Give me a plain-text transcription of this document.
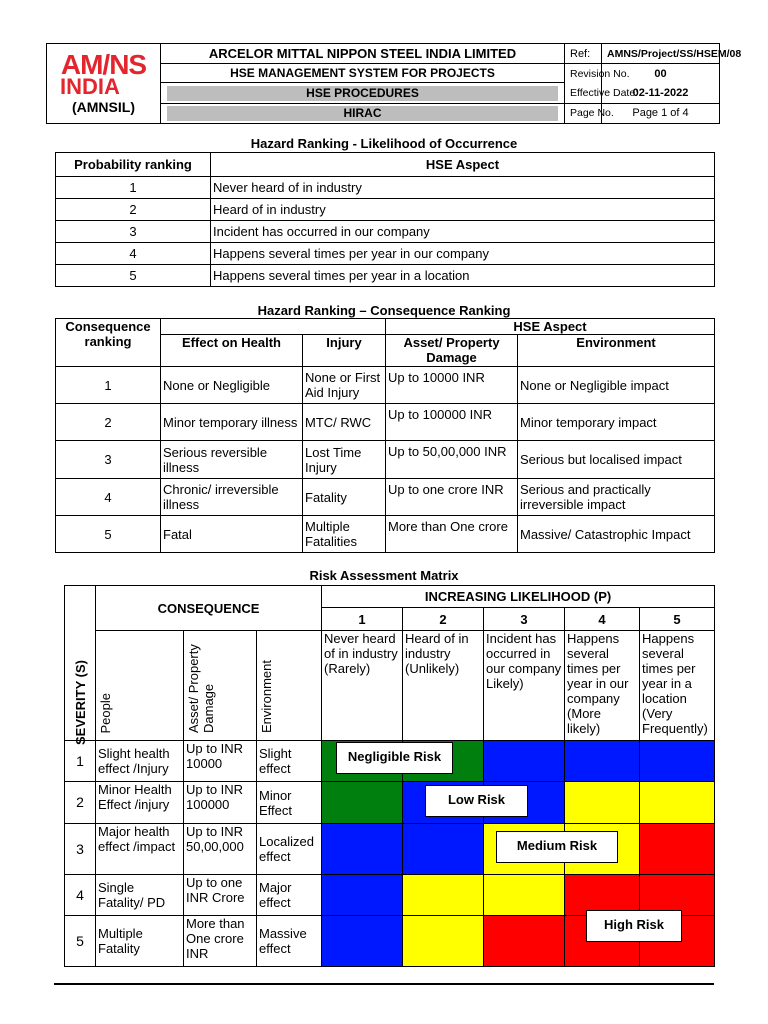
AM/NS
INDIA
(AMNSIL)	ARCELOR MITTAL NIPPON STEEL INDIA LIMITED	Ref:	AMNS/Project/SS/HSEM/08
	HSE MANAGEMENT SYSTEM FOR PROJECTS	Revision No.	00

	HSE PROCEDURES	Effective Date:	02-11-2022

	HIRAC	Page No.	Page 1 of 4
Hazard Ranking - Likelihood of Occurrence
Probability ranking	HSE Aspect
1	Never heard of in industry
2	Heard of in industry
3	Incident has occurred in our company
4	Happens several times per year in our company
5	Happens several times per year in a location
Hazard Ranking – Consequence Ranking
Consequence ranking			HSE Aspect	
	Effect on Health	Injury	Asset/ Property Damage	Environment
1	None or Negligible	None or First Aid Injury	Up to 10000 INR	None or Negligible impact
2	Minor temporary illness	MTC/ RWC	Up to 100000 INR	Minor temporary impact
3	Serious reversible illness	Lost Time Injury	Up to 50,00,000 INR	Serious but localised impact
4	Chronic/ irreversible illness	Fatality	Up to one crore INR	Serious and practically irreversible impact
5	Fatal	Multiple Fatalities	More than One crore	Massive/ Catastrophic Impact
Risk Assessment Matrix
SEVERITY (S)	CONSEQUENCE			INCREASING LIKELIHOOD (P)				
				1	2	3	4	5
	People	Asset/ Property Damage	Environment	Never heard of in industry (Rarely)	Heard of in industry (Unlikely)	Incident has occurred in our company Likely)	Happens several times per year in our company (More likely)	Happens several times per year in a location (Very Frequently)
1	Slight health effect /Injury	Up to INR 10000	Slight effect					
2	Minor Health Effect /injury	Up to INR 100000	Minor Effect					
3	Major health effect /impact	Up to INR 50,00,000	Localized effect					
4	Single Fatality/ PD	Up to one INR Crore	Major effect					
5	Multiple Fatality	More than One crore INR	Massive effect					
Negligible Risk
Low Risk
Medium Risk
High Risk
